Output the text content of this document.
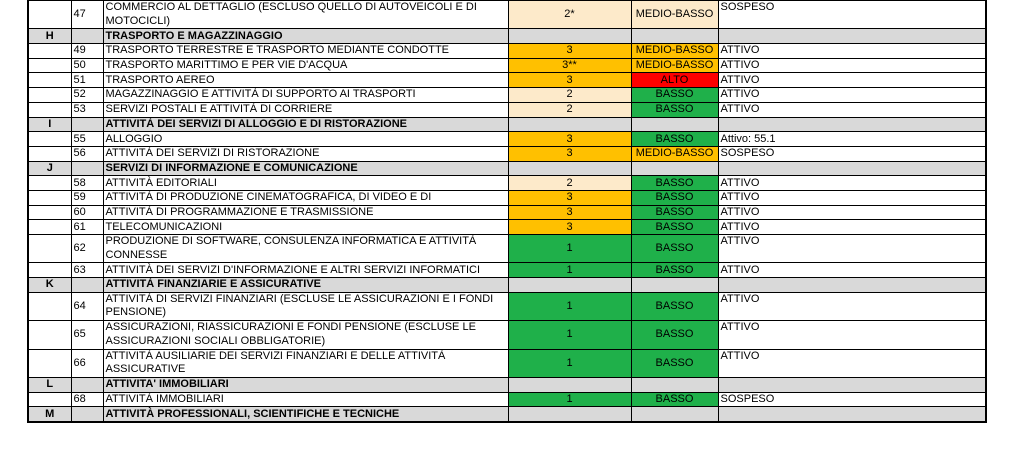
	47	COMMERCIO AL DETTAGLIO (ESCLUSO QUELLO DI AUTOVEICOLI E DI MOTOCICLI)	2*	MEDIO-BASSO	SOSPESO
H		TRASPORTO E MAGAZZINAGGIO			
	49	TRASPORTO TERRESTRE E TRASPORTO MEDIANTE CONDOTTE	3	MEDIO-BASSO	ATTIVO
	50	TRASPORTO MARITTIMO E PER VIE D'ACQUA	3**	MEDIO-BASSO	ATTIVO
	51	TRASPORTO AEREO	3	ALTO	ATTIVO
	52	MAGAZZINAGGIO E ATTIVITÀ DI SUPPORTO AI TRASPORTI	2	BASSO	ATTIVO
	53	SERVIZI POSTALI E ATTIVITÀ DI CORRIERE	2	BASSO	ATTIVO
I		ATTIVITÀ DEI SERVIZI DI ALLOGGIO E DI RISTORAZIONE			
	55	ALLOGGIO	3	BASSO	Attivo: 55.1
	56	ATTIVITÀ DEI SERVIZI DI RISTORAZIONE	3	MEDIO-BASSO	SOSPESO
J		SERVIZI DI INFORMAZIONE E COMUNICAZIONE			
	58	ATTIVITÀ EDITORIALI	2	BASSO	ATTIVO
	59	ATTIVITÀ DI PRODUZIONE CINEMATOGRAFICA, DI VIDEO E DI	3	BASSO	ATTIVO
	60	ATTIVITÀ DI PROGRAMMAZIONE E TRASMISSIONE	3	BASSO	ATTIVO
	61	TELECOMUNICAZIONI	3	BASSO	ATTIVO
	62	PRODUZIONE DI SOFTWARE, CONSULENZA INFORMATICA E ATTIVITÀ CONNESSE	1	BASSO	ATTIVO
	63	ATTIVITÀ DEI SERVIZI D'INFORMAZIONE E ALTRI SERVIZI INFORMATICI	1	BASSO	ATTIVO
K		ATTIVITÀ FINANZIARIE E ASSICURATIVE			
	64	ATTIVITÀ DI SERVIZI FINANZIARI (ESCLUSE LE ASSICURAZIONI E I FONDI PENSIONE)	1	BASSO	ATTIVO
	65	ASSICURAZIONI, RIASSICURAZIONI E FONDI PENSIONE (ESCLUSE LE ASSICURAZIONI SOCIALI OBBLIGATORIE)	1	BASSO	ATTIVO
	66	ATTIVITÀ AUSILIARIE DEI SERVIZI FINANZIARI E DELLE ATTIVITÀ ASSICURATIVE	1	BASSO	ATTIVO
L		ATTIVITA' IMMOBILIARI			
	68	ATTIVITÀ IMMOBILIARI	1	BASSO	SOSPESO
M		ATTIVITÀ PROFESSIONALI, SCIENTIFICHE E TECNICHE			
